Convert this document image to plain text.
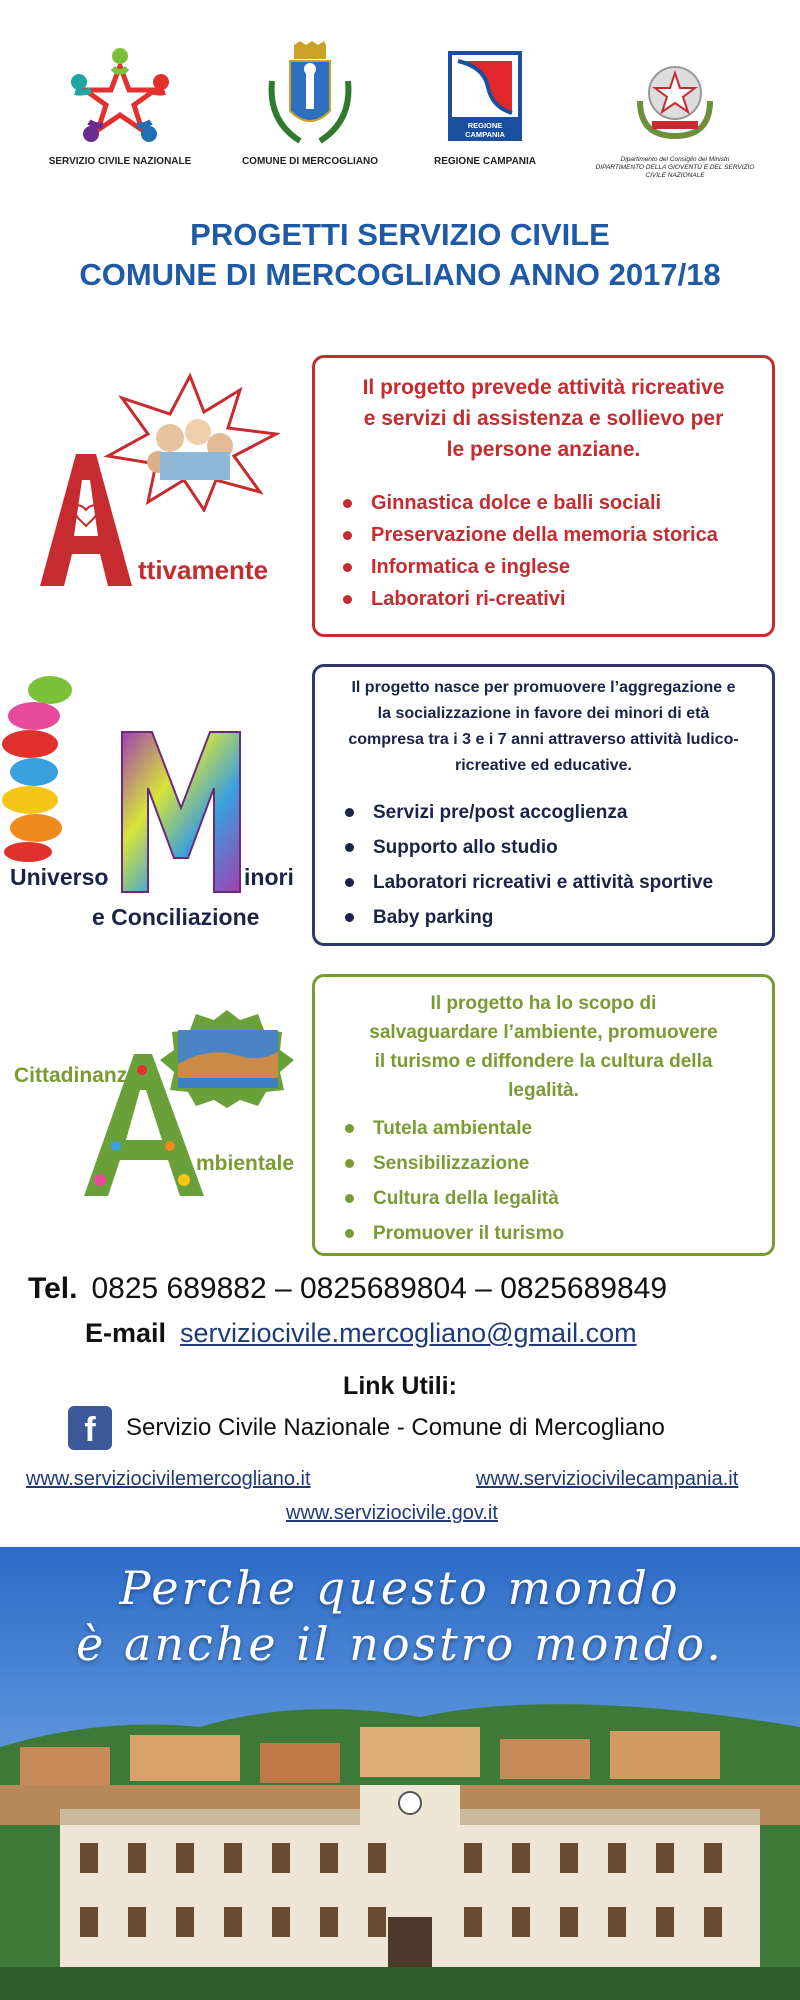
SERVIZIO CIVILE NAZIONALE	COMUNE DI MERCOGLIANO
REGIONE CAMPANIA
REGIONE CAMPANIA	Dipartimento del Consiglio dei Ministri
DIPARTIMENTO DELLA GIOVENTÙ E DEL SERVIZIO CIVILE NAZIONALE
PROGETTI SERVIZIO CIVILE
COMUNE DI MERCOGLIANO ANNO 2017/18
ttivamente
Il progetto prevede attività ricreative e servizi di assistenza e sollievo per le persone anziane.
Ginnastica dolce e balli sociali
Preservazione della memoria storica
Informatica e inglese
Laboratori ri-creativi
Universo	inori
e Conciliazione
Il progetto nasce per promuovere l’aggregazione e la socializzazione in favore dei minori di età compresa tra i 3 e i 7 anni attraverso attività ludico-ricreative ed educative.
Servizi pre/post accoglienza
Supporto allo studio
Laboratori ricreativi e attività sportive
Baby parking
Cittadinanz
mbientale
Il progetto ha lo scopo di salvaguardare l’ambiente, promuovere il turismo e diffondere la cultura della legalità.
Tutela ambientale
Sensibilizzazione
Cultura della legalità
Promuover il turismo
Tel. 0825 689882 – 0825689804 – 0825689849
E-mail serviziocivile.mercogliano@gmail.com
Link Utili:
f	Servizio Civile Nazionale - Comune di Mercogliano
www.serviziocivilemercogliano.it	www.serviziocivilecampania.it
www.serviziocivile.gov.it
Perche questo mondo
è anche il nostro mondo.
